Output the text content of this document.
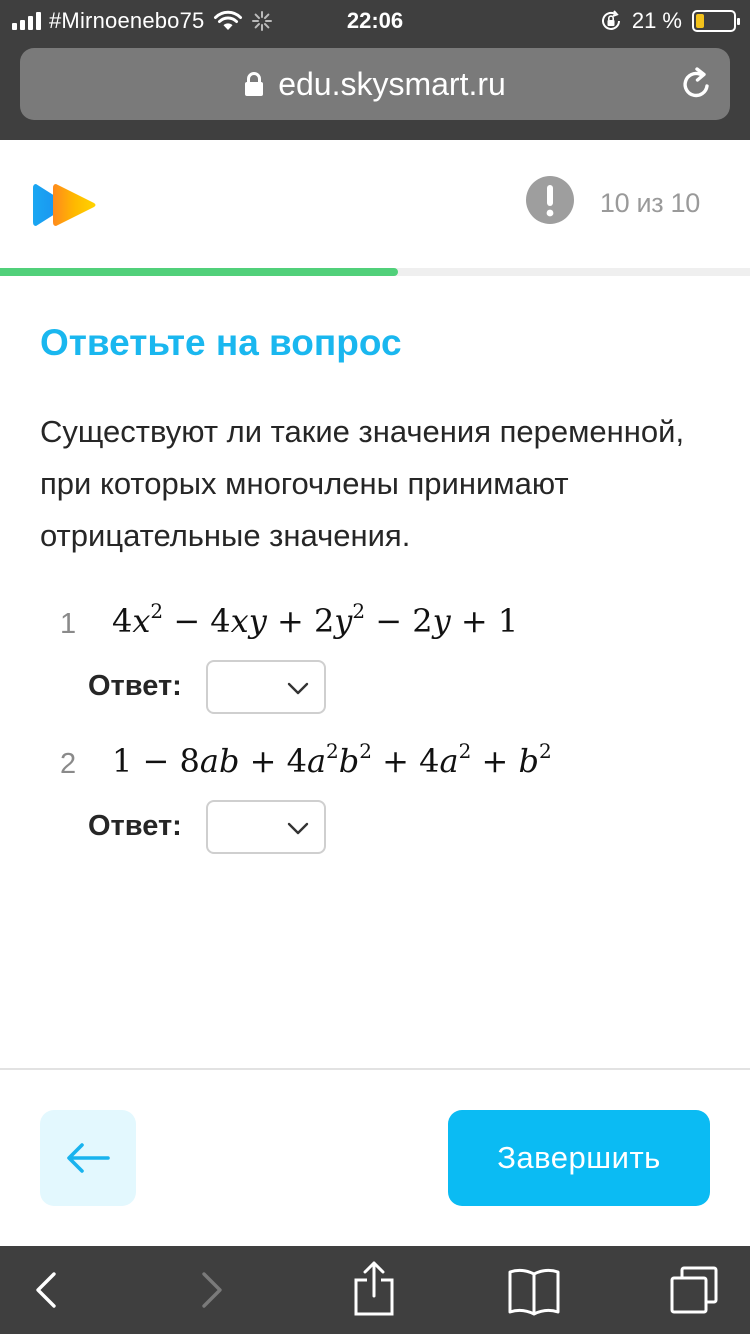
#Mirnoenebo75	22:06	21 %
edu.skysmart.ru
10 из 10
Ответьте на вопрос
Существуют ли такие значения переменной, при которых многочлены принимают отрицательные значения.
1 $4x^2 - 4xy + 2y^2 - 2y + 1$
Ответ:
2 $1 - 8ab + 4a^2b^2 + 4a^2 + b^2$
Ответ:
Завершить
